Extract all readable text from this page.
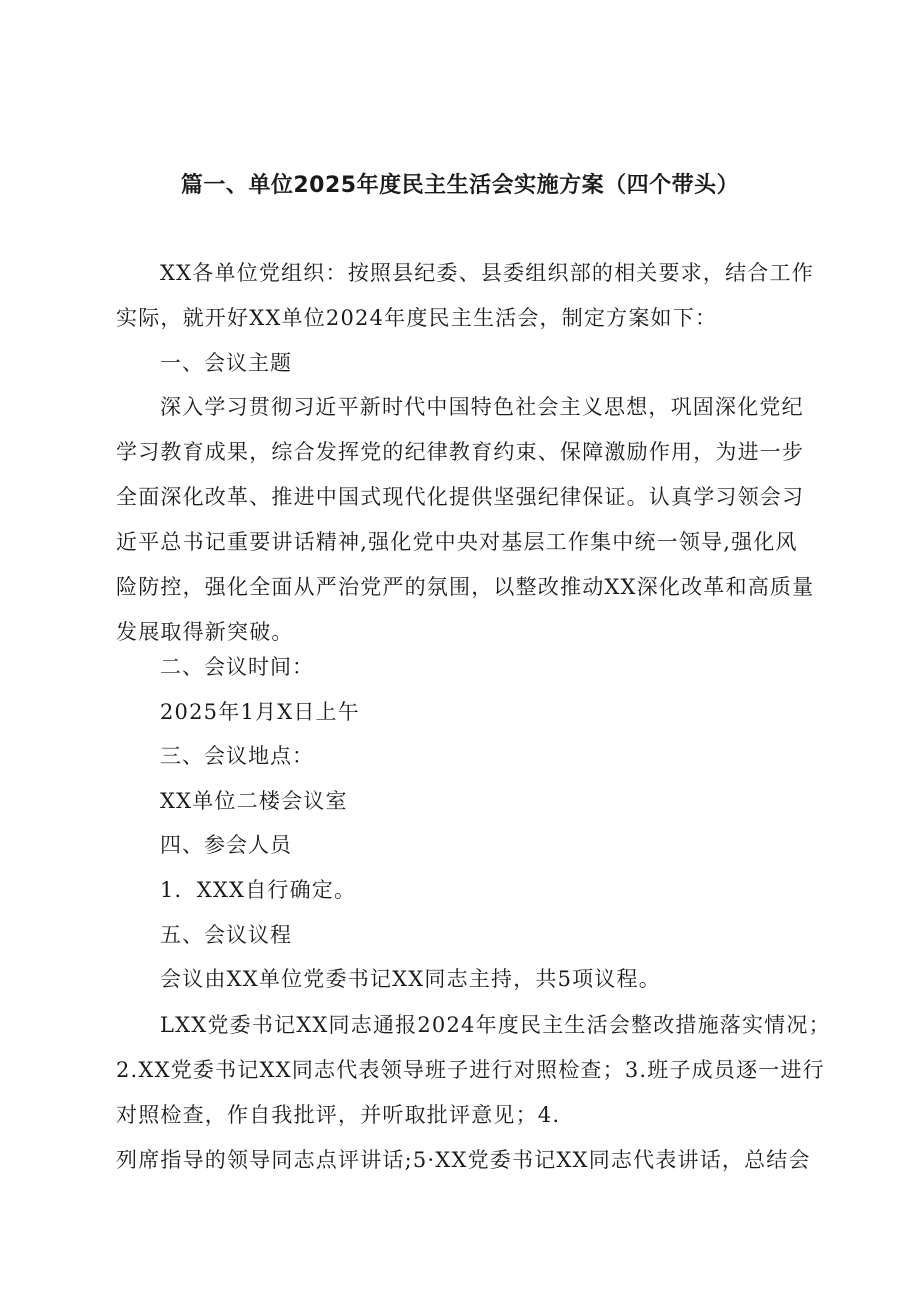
篇一、单位2025年度民主生活会实施方案（四个带头）
XX各单位党组织：按照县纪委、县委组织部的相关要求，结合工作
实际，就开好XX单位2024年度民主生活会，制定方案如下：
一、会议主题
深入学习贯彻习近平新时代中国特色社会主义思想，巩固深化党纪
学习教育成果，综合发挥党的纪律教育约束、保障激励作用，为进一步
全面深化改革、推进中国式现代化提供坚强纪律保证。认真学习领会习
近平总书记重要讲话精神,强化党中央对基层工作集中统一领导,强化风
险防控，强化全面从严治党严的氛围，以整改推动XX深化改革和高质量
发展取得新突破。
二、会议时间：
2025年1月X日上午
三、会议地点：
XX单位二楼会议室
四、参会人员
1．XXX自行确定。
五、会议议程
会议由XX单位党委书记XX同志主持，共5项议程。
LXX党委书记XX同志通报2024年度民主生活会整改措施落实情况；
2.XX党委书记XX同志代表领导班子进行对照检查；3.班子成员逐一进行
对照检查，作自我批评，并听取批评意见；4.
列席指导的领导同志点评讲话;5·XX党委书记XX同志代表讲话，总结会
